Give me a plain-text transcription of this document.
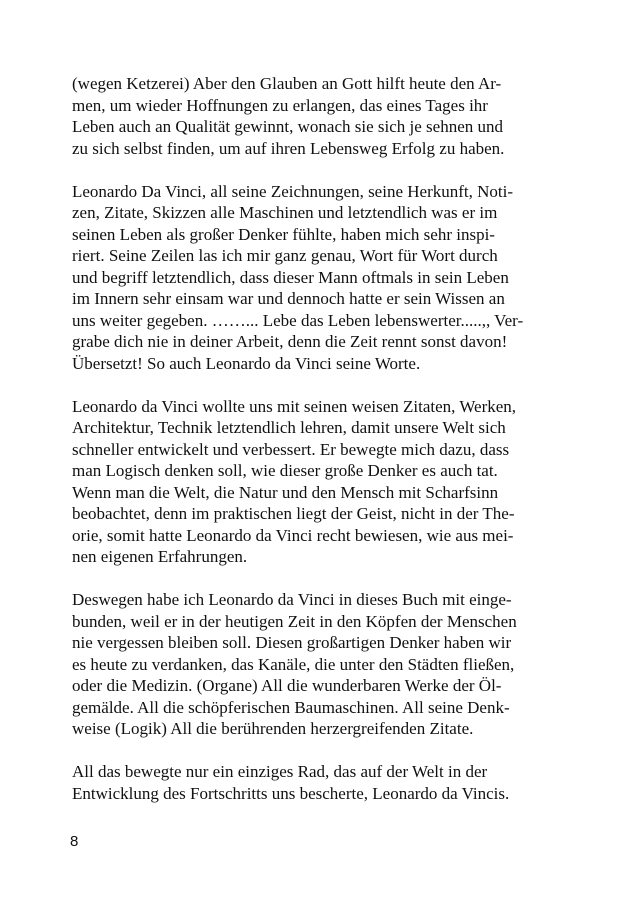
(wegen Ketzerei) Aber den Glauben an Gott hilft heute den Ar-
men, um wieder Hoffnungen zu erlangen, das eines Tages ihr
Leben auch an Qualität gewinnt, wonach sie sich je sehnen und
zu sich selbst finden, um auf ihren Lebensweg Erfolg zu haben.

Leonardo Da Vinci, all seine Zeichnungen, seine Herkunft, Noti-
zen, Zitate, Skizzen alle Maschinen und letztendlich was er im
seinen Leben als großer Denker fühlte, haben mich sehr inspi-
riert. Seine Zeilen las ich mir ganz genau, Wort für Wort durch
und begriff letztendlich, dass dieser Mann oftmals in sein Leben
im Innern sehr einsam war und dennoch hatte er sein Wissen an
uns weiter gegeben. ……... Lebe das Leben lebenswerter.....,, Ver-
grabe dich nie in deiner Arbeit, denn die Zeit rennt sonst davon!
Übersetzt! So auch Leonardo da Vinci seine Worte.

Leonardo da Vinci wollte uns mit seinen weisen Zitaten, Werken,
Architektur, Technik letztendlich lehren, damit unsere Welt sich
schneller entwickelt und verbessert. Er bewegte mich dazu, dass
man Logisch denken soll, wie dieser große Denker es auch tat.
Wenn man die Welt, die Natur und den Mensch mit Scharfsinn
beobachtet, denn im praktischen liegt der Geist, nicht in der The-
orie, somit hatte Leonardo da Vinci recht bewiesen, wie aus mei-
nen eigenen Erfahrungen.

Deswegen habe ich Leonardo da Vinci in dieses Buch mit einge-
bunden, weil er in der heutigen Zeit in den Köpfen der Menschen
nie vergessen bleiben soll. Diesen großartigen Denker haben wir
es heute zu verdanken, das Kanäle, die unter den Städten fließen,
oder die Medizin. (Organe) All die wunderbaren Werke der Öl-
gemälde. All die schöpferischen Baumaschinen. All seine Denk-
weise (Logik) All die berührenden herzergreifenden Zitate.

All das bewegte nur ein einziges Rad, das auf der Welt in der
Entwicklung des Fortschritts uns bescherte, Leonardo da Vincis.

8
